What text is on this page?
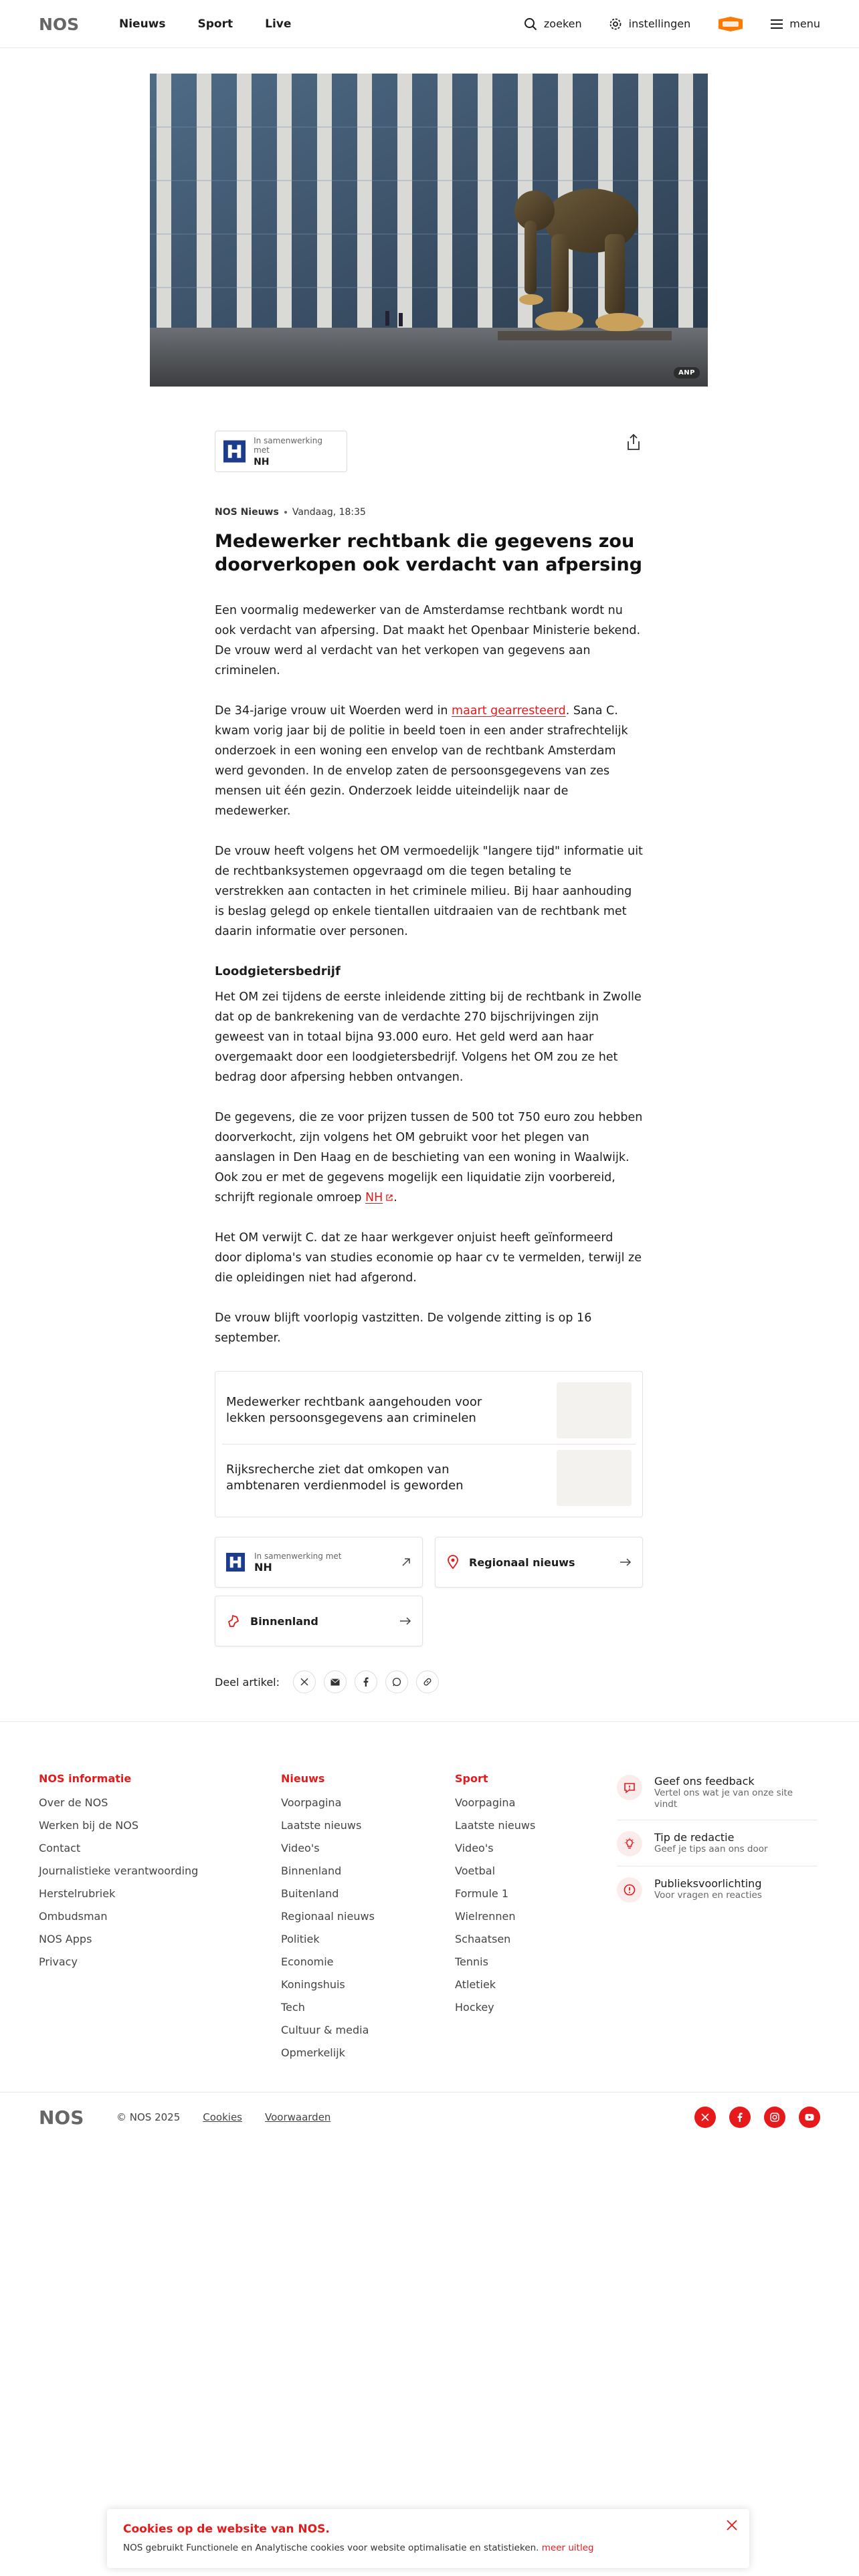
NOS	Nieuws	Sport	Live	zoeken	instellingen	menu
ANP
In samenwerking met
NH
NOS Nieuws Vandaag, 18:35
Medewerker rechtbank die gegevens zou doorverkopen ook verdacht van afpersing

Een voormalig medewerker van de Amsterdamse rechtbank wordt nu ook verdacht van afpersing. Dat maakt het Openbaar Ministerie bekend. De vrouw werd al verdacht van het verkopen van gegevens aan criminelen.

De 34-jarige vrouw uit Woerden werd in maart gearresteerd. Sana C. kwam vorig jaar bij de politie in beeld toen in een ander strafrechtelijk onderzoek in een woning een envelop van de rechtbank Amsterdam werd gevonden. In de envelop zaten de persoonsgegevens van zes mensen uit één gezin. Onderzoek leidde uiteindelijk naar de medewerker.

De vrouw heeft volgens het OM vermoedelijk "langere tijd" informatie uit de rechtbanksystemen opgevraagd om die tegen betaling te verstrekken aan contacten in het criminele milieu. Bij haar aanhouding is beslag gelegd op enkele tientallen uitdraaien van de rechtbank met daarin informatie over personen.

Loodgietersbedrijf

Het OM zei tijdens de eerste inleidende zitting bij de rechtbank in Zwolle dat op de bankrekening van de verdachte 270 bijschrijvingen zijn geweest van in totaal bijna 93.000 euro. Het geld werd aan haar overgemaakt door een loodgietersbedrijf. Volgens het OM zou ze het bedrag door afpersing hebben ontvangen.

De gegevens, die ze voor prijzen tussen de 500 tot 750 euro zou hebben doorverkocht, zijn volgens het OM gebruikt voor het plegen van aanslagen in Den Haag en de beschieting van een woning in Waalwijk. Ook zou er met de gegevens mogelijk een liquidatie zijn voorbereid, schrijft regionale omroep NH .

Het OM verwijt C. dat ze haar werkgever onjuist heeft geïnformeerd door diploma's van studies economie op haar cv te vermelden, terwijl ze die opleidingen niet had afgerond.

De vrouw blijft voorlopig vastzitten. De volgende zitting is op 16 september.

Medewerker rechtbank aangehouden voor lekken persoonsgegevens aan criminelen
Rijksrecherche ziet dat omkopen van ambtenaren verdienmodel is geworden
In samenwerking met
NH	Regionaal nieuws
Binnenland
Deel artikel:
NOS informatie
Over de NOS
Werken bij de NOS
Contact
Journalistieke verantwoording
Herstelrubriek
Ombudsman
NOS Apps
Privacy
Nieuws
Voorpagina
Laatste nieuws
Video's
Binnenland
Buitenland
Regionaal nieuws
Politiek
Economie
Koningshuis
Tech
Cultuur & media
Opmerkelijk
Sport
Voorpagina
Laatste nieuws
Video's
Voetbal
Formule 1
Wielrennen
Schaatsen
Tennis
Atletiek
Hockey
Geef ons feedback
Vertel ons wat je van onze site vindt
Tip de redactie
Geef je tips aan ons door
Publieksvoorlichting
Voor vragen en reacties
NOS	© NOS 2025 Cookies Voorwaarden
Cookies op de website van NOS.

NOS gebruikt Functionele en Analytische cookies voor website optimalisatie en statistieken. meer uitleg
